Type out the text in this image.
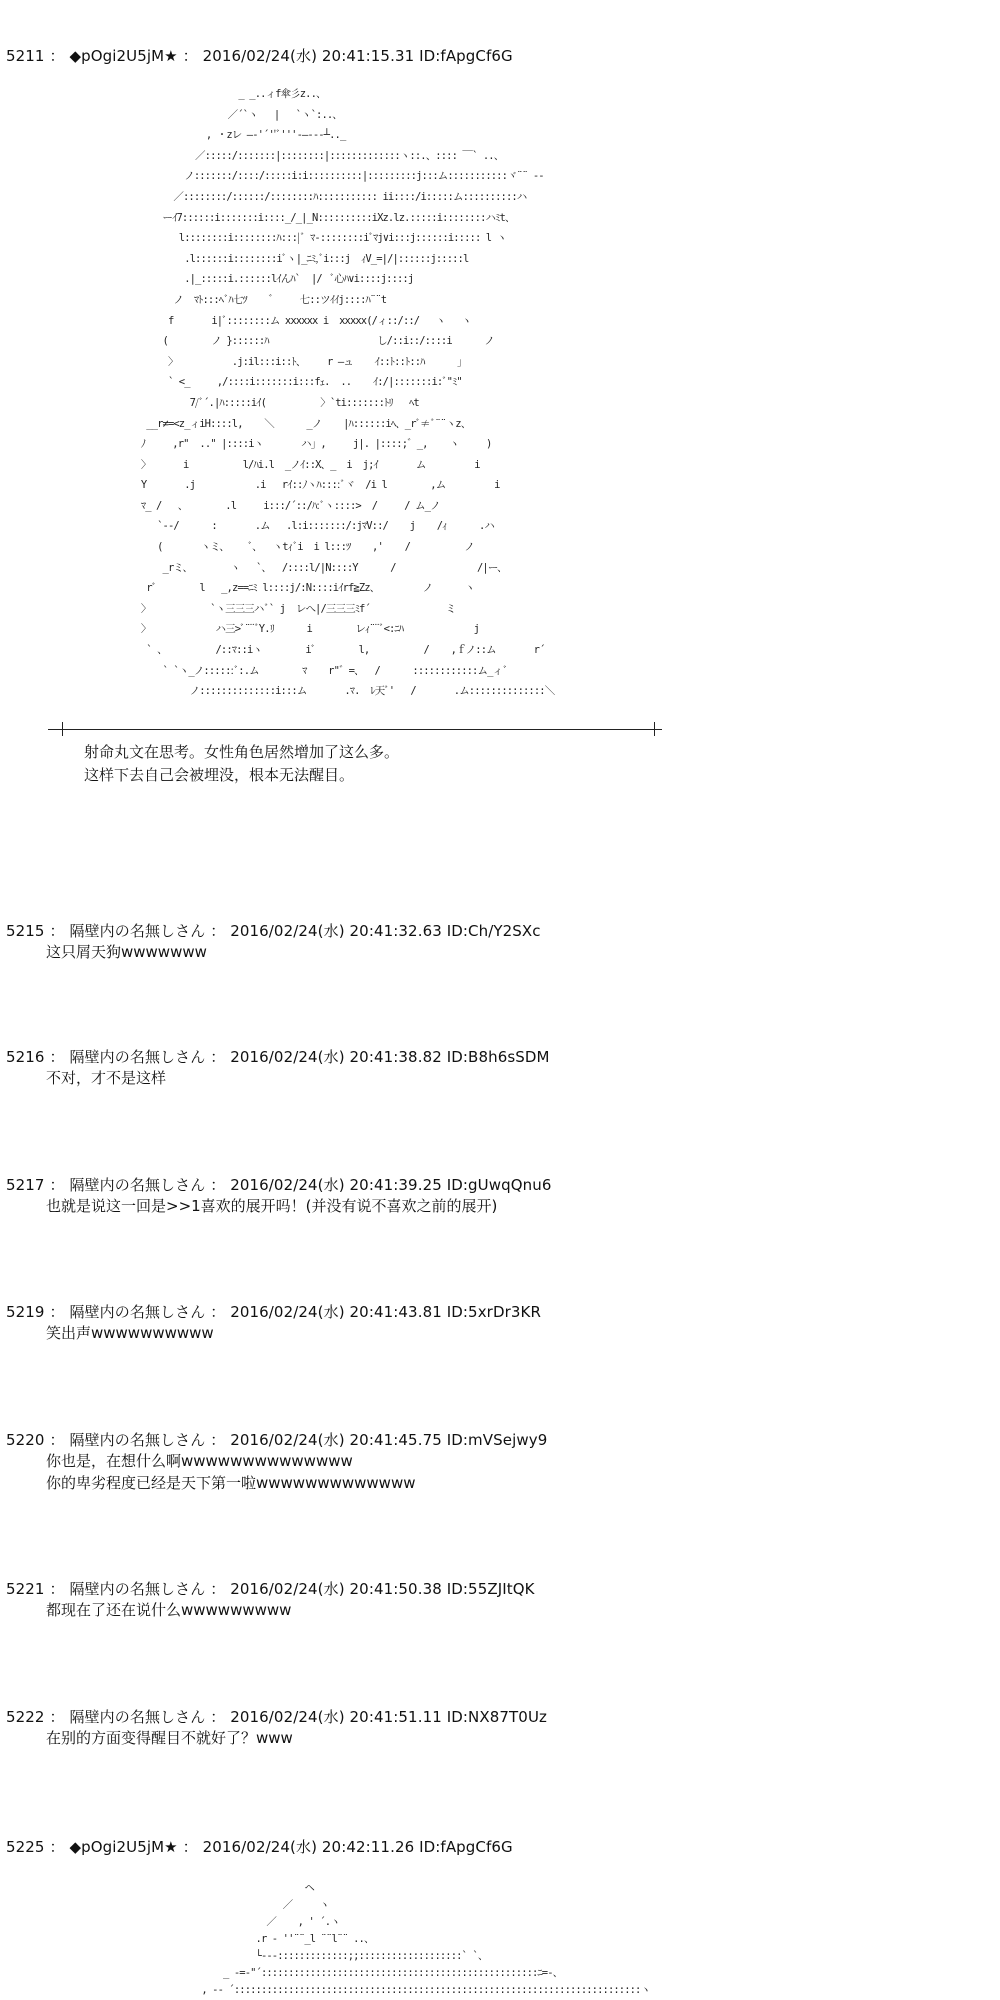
5211 ： ◆pOgi2U5jM★ ： 2016/02/24(水) 20:41:15.31 ID:fApgCf6G
_ _..ィf傘彡z..、
／´`ヽ   |   `ヽ`:..、
, ・zレ ―‐'´''ﾞ'''‐―‐--┴.._
／:::::/:::::::|::::::::|:::::::::::::ヽ::.、:::: ￣` ..、
ノ:::::::/::::/:::::i:i::::::::::|:::::::::j:::ム:::::::::::ヾ¨¨ ‐-
／::::::::/::::::/::::::::ﾊ::::::::::: ii::::/i:::::ム::::::::::ハ
ーｲ7::::::i:::::::i::::_/_|_N::::::::::iXz.lz.:::::i::::::::ハﾐt、
l::::::::i::::::::ﾊ:::|ﾞ ﾏ-::::::::iﾞﾏj∨i:::j::::::i::::: l ヽ
.l::::::i::::::::iﾞヽ|_ﾆﾐ,ﾞi:::j  ｨV_=|/|::::::j:::::l
.|_:::::i.::::::lｲんﾊ`  |/  ﾞ心ﾊ∨i::::j::::j
ノ  ﾏﾄ:::ﾍﾞﾊ七ﾂ    ゛    七::ツｲｲj::::ﾊ¨¨t
f       i|ﾞ::::::::ム xxxxxx i  xxxxx(/ィ::/::/   ヽ   ヽ
(        ノ }::::::ﾊ                    し/::i::/::::i      ノ
〉          .j:il:::i::ﾄ、    r ―ュ    ｲ::ﾄ::ﾄ::ﾊ      」
` <_     ,/::::i:::::::i:::fｪ.  ..    ｲ:/|:::::::i:ﾞ"ﾐ"
7/ﾞ´.|ﾊ:::::iｲ(          〉`ti:::::::ﾄﾘ   ﾍt
__r≠=<z_ィiH::::l,    ＼      _ノ    |ﾊ::::::iﾍ、_rﾞ≠ﾞ¨¨ヽz、
ﾉ     ,r"  .." |::::iヽ       ハ」,     j|. |::::;゛_,    ヽ     )
〉      i          l/ﾊi.l  _ノｲ::X、_  i  j;ｲ       ム         i
Y       .j           .i   rｲ::ﾉヽﾊ::::ﾞヾ  /i l        ,ム         i
ﾏ_ /   、       .l     i:::/´::/ﾊ:ﾞヽ::::>  /     / ム_ノ
`‐-/      :       .ム   .l:i:::::::/:jﾏV::/    j    /ｨ      .ハ
(       ヽミ、    ﾞ、  ヽtｨﾞi  i l:::ﾂ    ,'    /          ノ
_rミ、       ヽ   `、  /::::l/|N::::Y      /               /|ー、
rﾞ        l   _,z==ﾆﾐ l::::j/:N::::iｲrf≧Zz、        ノ      ヽ
〉           `ヽ三三三ハﾞ` j  レへ|/三三三ﾐf´              ミ
〉            ハ三>ﾞ¨¨ﾞY.ﾘ      i        レｨ¨¨ﾞ<:ﾆﾊ             j
` 、         /::ﾏ::iヽ        iﾞ        l,          /    ,ｆノ::ム       r´
` `ヽ_ノ::::::ﾞ:.ム        ﾏ    r"゛=、  /      ::::::::::::ム_ィﾞ
ノ::::::::::::::i:::ム       .ﾏ.  ﾚ天ﾞ'   /       .ム::::::::::::::＼
射命丸文在思考。女性角色居然增加了这么多。
这样下去自己会被埋没，根本无法醒目。
5215 ： 隔壁内の名無しさん ： 2016/02/24(水) 20:41:32.63 ID:Ch/Y2SXc
这只屑天狗wwwwwww
5216 ： 隔壁内の名無しさん ： 2016/02/24(水) 20:41:38.82 ID:B8h6sSDM
不对，才不是这样
5217 ： 隔壁内の名無しさん ： 2016/02/24(水) 20:41:39.25 ID:gUwqQnu6
也就是说这一回是>>1喜欢的展开吗！(并没有说不喜欢之前的展开)
5219 ： 隔壁内の名無しさん ： 2016/02/24(水) 20:41:43.81 ID:5xrDr3KR
笑出声wwwwwwwwww
5220 ： 隔壁内の名無しさん ： 2016/02/24(水) 20:41:45.75 ID:mVSejwy9
你也是，在想什么啊wwwwwwwwwwwwww
你的卑劣程度已经是天下第一啦wwwwwwwwwwwww
5221 ： 隔壁内の名無しさん ： 2016/02/24(水) 20:41:50.38 ID:55ZJItQK
都现在了还在说什么wwwwwwwww
5222 ： 隔壁内の名無しさん ： 2016/02/24(水) 20:41:51.11 ID:NX87T0Uz
在别的方面变得醒目不就好了？www
5225 ： ◆pOgi2U5jM★ ： 2016/02/24(水) 20:42:11.26 ID:fApgCf6G
ヘ
／     ヽ
／    , ' ´.ヽ
.r ‐ ''¨¨_l ¨¨l¨¨ ..、
└‐-‐:::::::::::::;;:::::::::::::::::::` `、
_ -=‐"´:::::::::::::::::::::::::::::::::::::::::::::::::::ﾆ=-、
, -‐ ´:::::::::::::::::::::::::::::::::::::::::::::::::::::::::::::::::::::::::::ヽ
